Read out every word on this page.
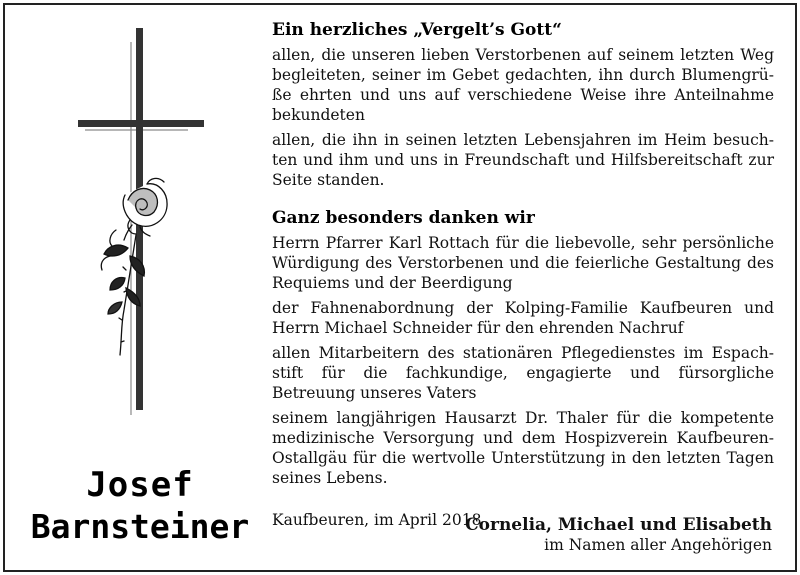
Josef
Barnsteiner
Ein herzliches „Vergelt’s Gott“

allen, die unseren lieben Verstorbenen auf seinem letzten Weg begleiteten, seiner im Gebet gedachten, ihn durch Blumengrü-ße ehrten und uns auf verschiedene Weise ihre Anteilnahme bekundeten

allen, die ihn in seinen letzten Lebensjahren im Heim besuch-ten und ihm und uns in Freundschaft und Hilfsbereitschaft zur Seite standen.

Ganz besonders danken wir

Herrn Pfarrer Karl Rottach für die liebevolle, sehr persönliche Würdigung des Verstorbenen und die feierliche Gestaltung des Requiems und der Beerdigung

der Fahnenabordnung der Kolping-Familie Kaufbeuren und Herrn Michael Schneider für den ehrenden Nachruf

allen Mitarbeitern des stationären Pflegedienstes im Espach-stift für die fachkundige, engagierte und fürsorgliche Betreuung unseres Vaters

seinem langjährigen Hausarzt Dr. Thaler für die kompetente medizinische Versorgung und dem Hospizverein Kaufbeuren-Ostallgäu für die wertvolle Unterstützung in den letzten Tagen seines Lebens.

Kaufbeuren, im April 2018
Cornelia, Michael und Elisabeth
im Namen aller Angehörigen
